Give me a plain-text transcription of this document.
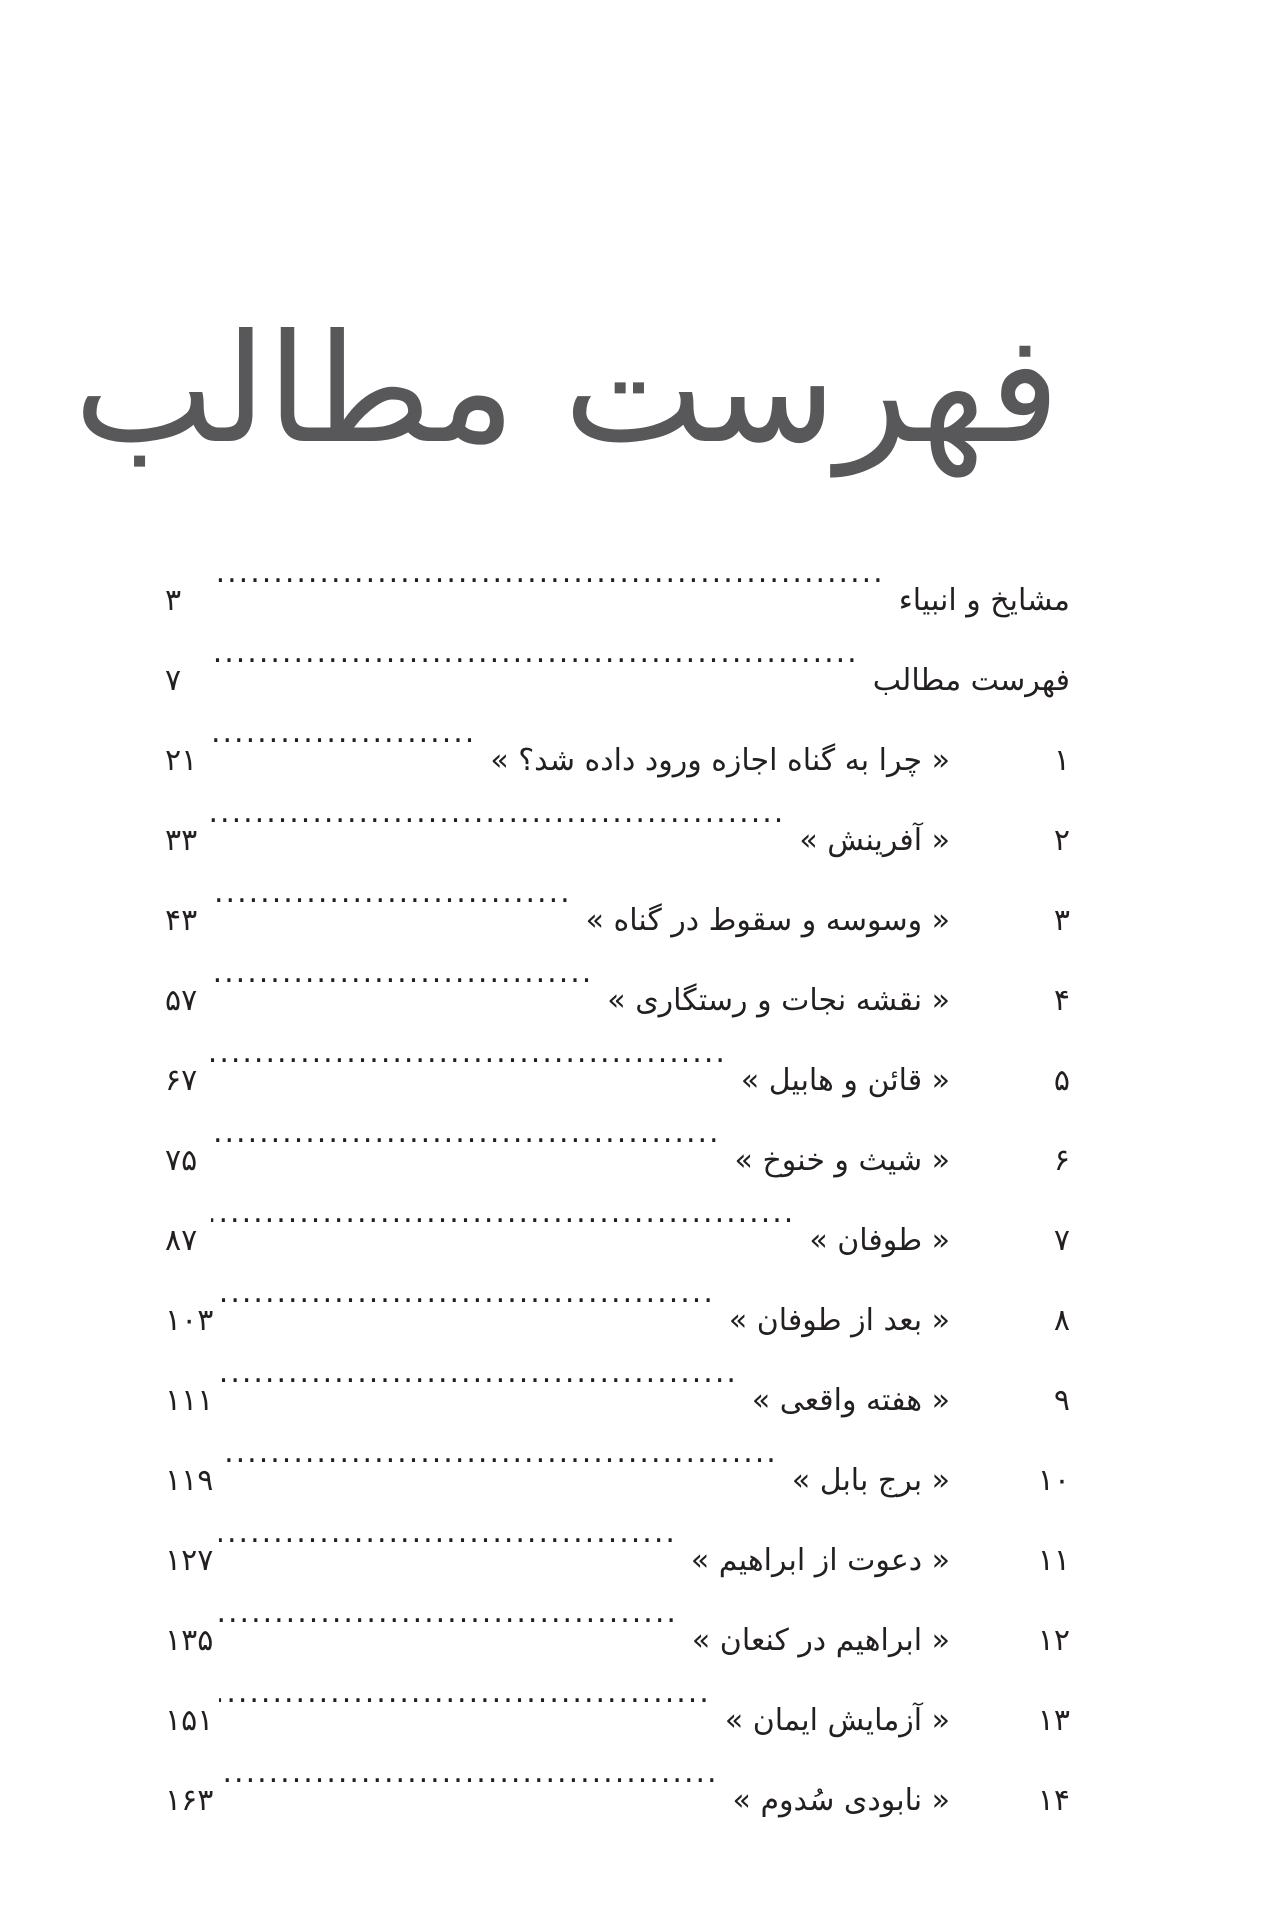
فهرست مطالب
مشایخ و انبیاء
.....
۳
فهرست مطالب
.....
۷
۱
« چرا به گناه اجازه ورود داده شد؟ »
.....
۲۱
۲
« آفرینش »
.....
۳۳
۳
« وسوسه و سقوط در گناه »
.....
۴۳
۴
« نقشه نجات و رستگاری »
.....
۵۷
۵
« قائن و هابیل »
.....
۶۷
۶
« شیث و خنوخ »
.....
۷۵
۷
« طوفان »
.....
۸۷
۸
« بعد از طوفان »
.....
۱۰۳
۹
« هفته واقعی »
.....
۱۱۱
۱۰
« برج بابل »
.....
۱۱۹
۱۱
« دعوت از ابراهیم »
.....
۱۲۷
۱۲
« ابراهیم در کنعان »
.....
۱۳۵
۱۳
« آزمایش ایمان »
.....
۱۵۱
۱۴
« نابودی سُدوم »
.....
۱۶۳
